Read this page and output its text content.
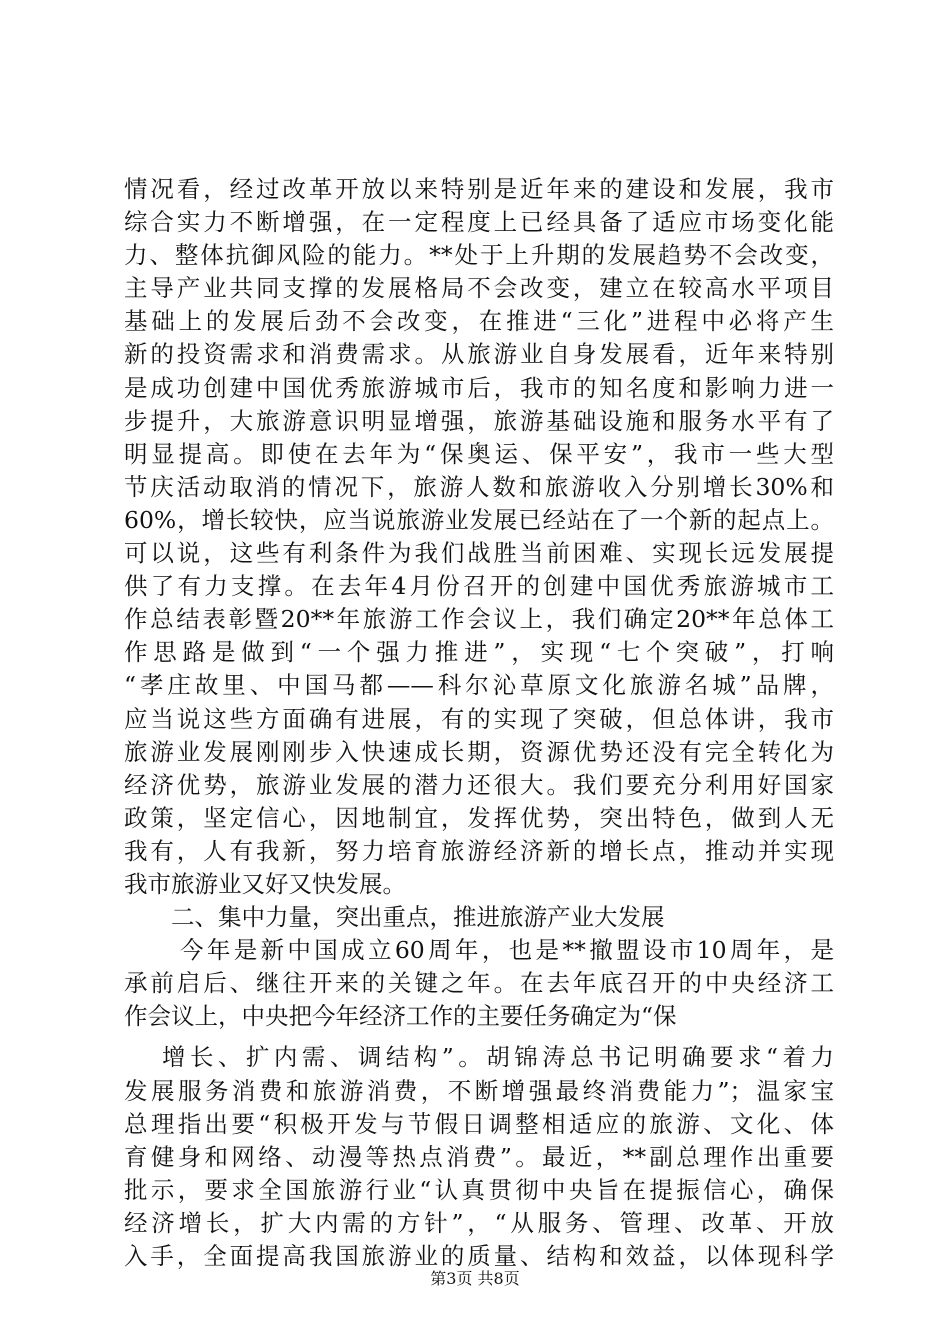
情况看，经过改革开放以来特别是近年来的建设和发展，我市
综合实力不断增强，在一定程度上已经具备了适应市场变化能
力、整体抗御风险的能力。**处于上升期的发展趋势不会改变，
主导产业共同支撑的发展格局不会改变，建立在较高水平项目
基础上的发展后劲不会改变，在推进“三化”进程中必将产生
新的投资需求和消费需求。从旅游业自身发展看，近年来特别
是成功创建中国优秀旅游城市后，我市的知名度和影响力进一
步提升，大旅游意识明显增强，旅游基础设施和服务水平有了
明显提高。即使在去年为“保奥运、保平安”，我市一些大型
节庆活动取消的情况下，旅游人数和旅游收入分别增长30%和
60%，增长较快，应当说旅游业发展已经站在了一个新的起点上。
可以说，这些有利条件为我们战胜当前困难、实现长远发展提
供了有力支撑。在去年4月份召开的创建中国优秀旅游城市工
作总结表彰暨20**年旅游工作会议上，我们确定20**年总体工
作思路是做到“一个强力推进”，实现“七个突破”，打响
“孝庄故里、中国马都——科尔沁草原文化旅游名城”品牌，
应当说这些方面确有进展，有的实现了突破，但总体讲，我市
旅游业发展刚刚步入快速成长期，资源优势还没有完全转化为
经济优势，旅游业发展的潜力还很大。我们要充分利用好国家
政策，坚定信心，因地制宜，发挥优势，突出特色，做到人无
我有，人有我新，努力培育旅游经济新的增长点，推动并实现
我市旅游业又好又快发展。
二、集中力量，突出重点，推进旅游产业大发展
今年是新中国成立60周年，也是**撤盟设市10周年，是
承前启后、继往开来的关键之年。在去年底召开的中央经济工
作会议上，中央把今年经济工作的主要任务确定为“保
增长、扩内需、调结构”。胡锦涛总书记明确要求“着力
发展服务消费和旅游消费，不断增强最终消费能力”；温家宝
总理指出要“积极开发与节假日调整相适应的旅游、文化、体
育健身和网络、动漫等热点消费”。最近，**副总理作出重要
批示，要求全国旅游行业“认真贯彻中央旨在提振信心，确保
经济增长，扩大内需的方针”，“从服务、管理、改革、开放
入手，全面提高我国旅游业的质量、结构和效益，以体现科学
第3页 共8页
